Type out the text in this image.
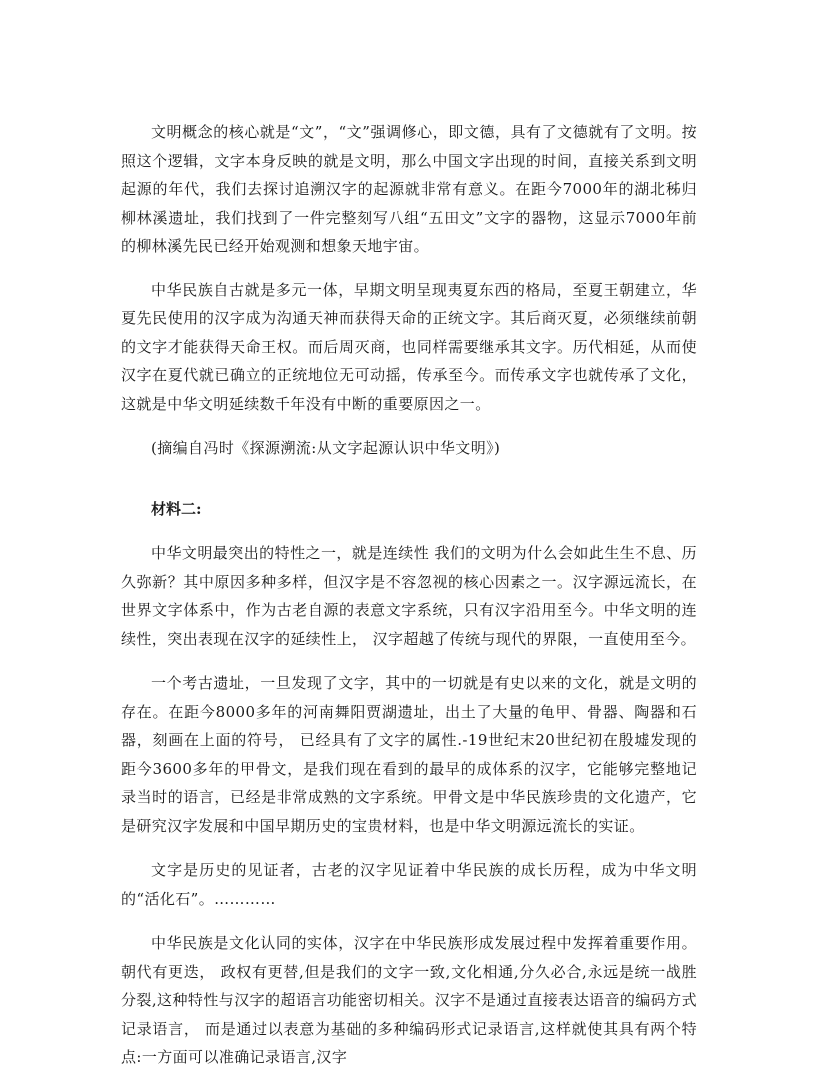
文明概念的核心就是“文”，“文”强调修心，即文德，具有了文德就有了文明。按照这个逻辑，文字本身反映的就是文明，那么中国文字出现的时间，直接关系到文明起源的年代，我们去探讨追溯汉字的起源就非常有意义。在距今7000年的湖北秭归柳林溪遗址，我们找到了一件完整刻写八组“五田文”文字的器物，这显示7000年前的柳林溪先民已经开始观测和想象天地宇宙。

中华民族自古就是多元一体，早期文明呈现夷夏东西的格局，至夏王朝建立，华夏先民使用的汉字成为沟通天神而获得天命的正统文字。其后商灭夏，必须继续前朝的文字才能获得天命王权。而后周灭商，也同样需要继承其文字。历代相延，从而使汉字在夏代就已确立的正统地位无可动摇，传承至今。而传承文字也就传承了文化，这就是中华文明延续数千年没有中断的重要原因之一。

(摘编自冯时《探源溯流:从文字起源认识中华文明》)

材料二:

中华文明最突出的特性之一，就是连续性 我们的文明为什么会如此生生不息、历久弥新？其中原因多种多样，但汉字是不容忽视的核心因素之一。汉字源远流长，在世界文字体系中，作为古老自源的表意文字系统，只有汉字沿用至今。中华文明的连续性，突出表现在汉字的延续性上， 汉字超越了传统与现代的界限，一直使用至今。

一个考古遗址，一旦发现了文字，其中的一切就是有史以来的文化，就是文明的存在。在距今8000多年的河南舞阳贾湖遗址，出土了大量的龟甲、骨器、陶器和石器，刻画在上面的符号， 已经具有了文字的属性.-19世纪末20世纪初在殷墟发现的距今3600多年的甲骨文，是我们现在看到的最早的成体系的汉字，它能够完整地记录当时的语言，已经是非常成熟的文字系统。甲骨文是中华民族珍贵的文化遗产，它是研究汉字发展和中国早期历史的宝贵材料，也是中华文明源远流长的实证。

文字是历史的见证者，古老的汉字见证着中华民族的成长历程，成为中华文明的“活化石”。…………

中华民族是文化认同的实体，汉字在中华民族形成发展过程中发挥着重要作用。朝代有更迭， 政权有更替,但是我们的文字一致,文化相通,分久必合,永远是统一战胜分裂,这种特性与汉字的超语言功能密切相关。汉字不是通过直接表达语音的编码方式记录语言， 而是通过以表意为基础的多种编码形式记录语言,这样就使其具有两个特点:一方面可以准确记录语言,汉字
